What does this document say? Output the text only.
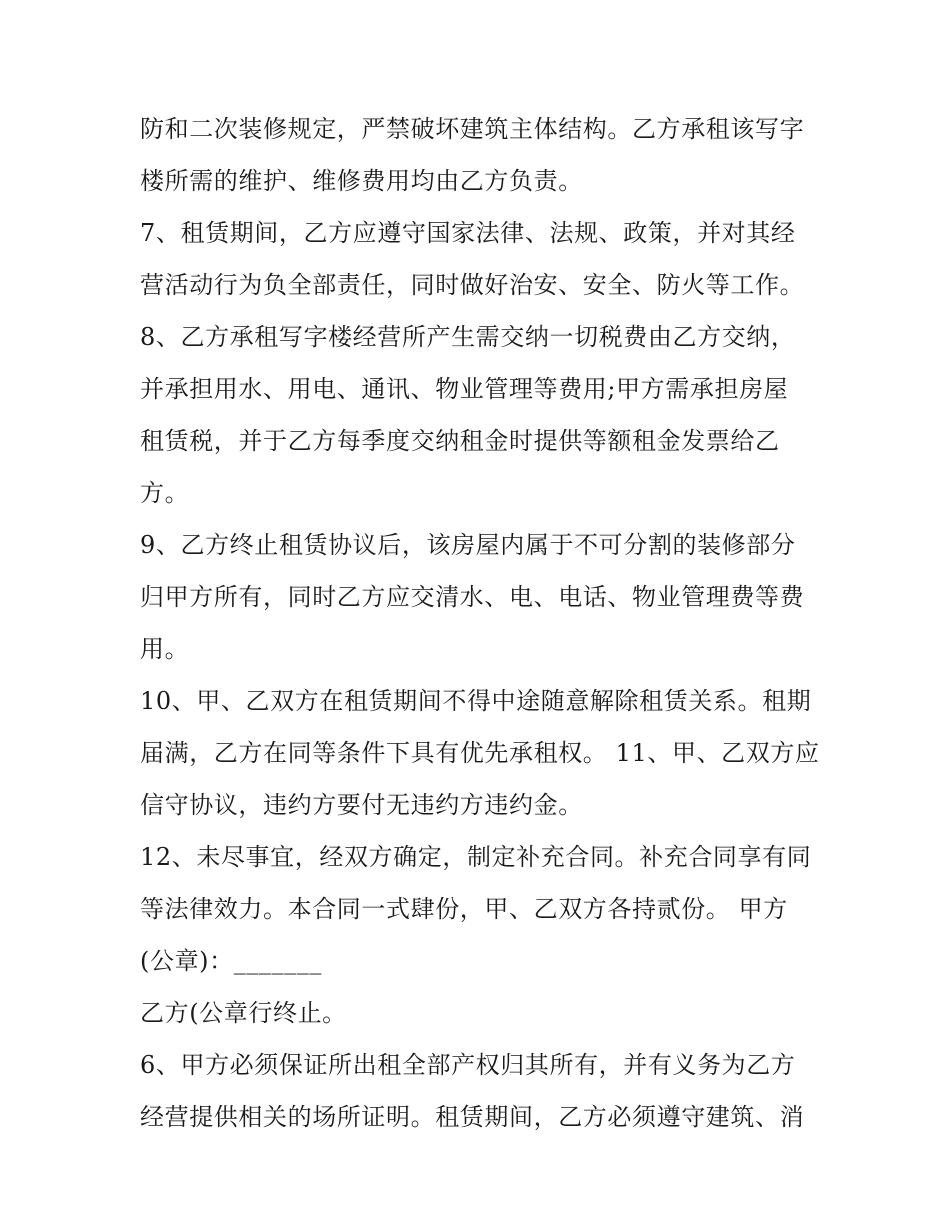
防和二次装修规定，严禁破坏建筑主体结构。乙方承租该写字
楼所需的维护、维修费用均由乙方负责。
7、租赁期间，乙方应遵守国家法律、法规、政策，并对其经
营活动行为负全部责任，同时做好治安、安全、防火等工作。
8、乙方承租写字楼经营所产生需交纳一切税费由乙方交纳，
并承担用水、用电、通讯、物业管理等费用;甲方需承担房屋
租赁税，并于乙方每季度交纳租金时提供等额租金发票给乙
方。
9、乙方终止租赁协议后，该房屋内属于不可分割的装修部分
归甲方所有，同时乙方应交清水、电、电话、物业管理费等费
用。
10、甲、乙双方在租赁期间不得中途随意解除租赁关系。租期
届满，乙方在同等条件下具有优先承租权。 11、甲、乙双方应
信守协议，违约方要付无违约方违约金。
12、未尽事宜，经双方确定，制定补充合同。补充合同享有同
等法律效力。本合同一式肆份，甲、乙双方各持贰份。 甲方
(公章)：_______
乙方(公章行终止。
6、甲方必须保证所出租全部产权归其所有，并有义务为乙方
经营提供相关的场所证明。租赁期间，乙方必须遵守建筑、消
